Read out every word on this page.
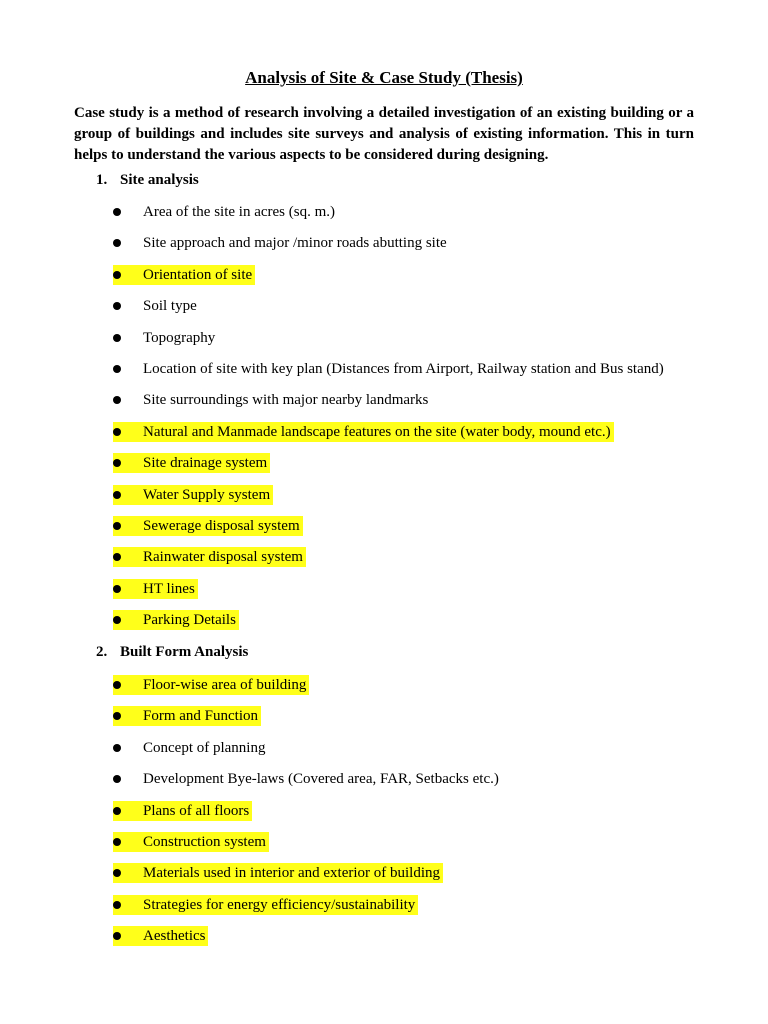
Analysis of Site & Case Study (Thesis)
Case study is a method of research involving a detailed investigation of an existing building or a group of buildings and includes site surveys and analysis of existing information. This in turn helps to understand the various aspects to be considered during designing.
1. Site analysis
Area of the site in acres (sq. m.)
Site approach and major /minor roads abutting site
Orientation of site
Soil type
Topography
Location of site with key plan (Distances from Airport, Railway station and Bus stand)
Site surroundings with major nearby landmarks
Natural and Manmade landscape features on the site (water body, mound etc.)
Site drainage system
Water Supply system
Sewerage disposal system
Rainwater disposal system
HT lines
Parking Details
2. Built Form Analysis
Floor-wise area of building
Form and Function
Concept of planning
Development Bye-laws (Covered area, FAR, Setbacks etc.)
Plans of all floors
Construction system
Materials used in interior and exterior of building
Strategies for energy efficiency/sustainability
Aesthetics
